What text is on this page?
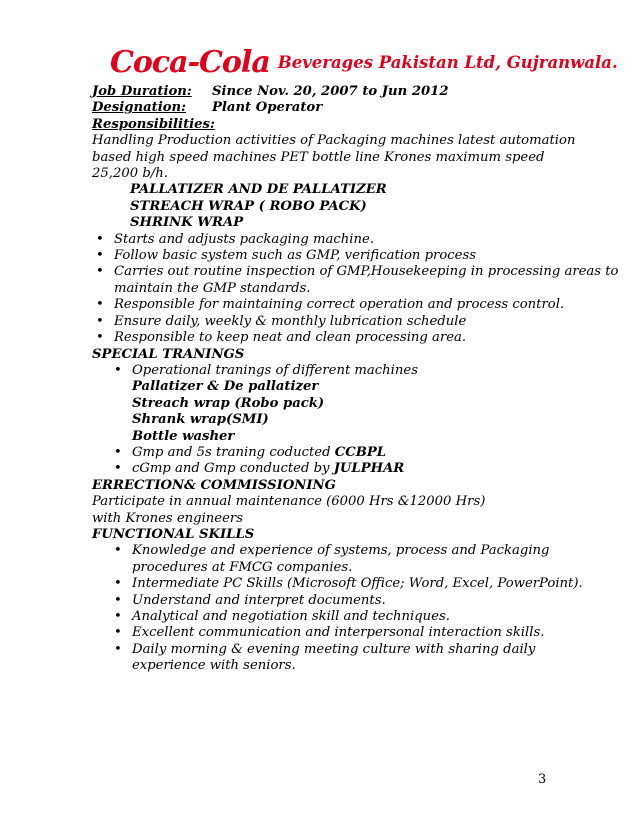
Coca-Cola Beverages Pakistan Ltd, Gujranwala.
Job Duration:	Since Nov. 20, 2007 to Jun 2012
Designation:	Plant Operator
Responsibilities:
Handling Production activities of Packaging machines latest automation
based high speed machines PET bottle line Krones maximum speed
25,200 b/h.
PALLATIZER AND DE PALLATIZER
STREACH WRAP ( ROBO PACK)
SHRINK WRAP
• Starts and adjusts packaging machine.
• Follow basic system such as GMP, verification process
• Carries out routine inspection of GMP,Housekeeping in processing areas to
maintain the GMP standards.
• Responsible for maintaining correct operation and process control.
• Ensure daily, weekly & monthly lubrication schedule
• Responsible to keep neat and clean processing area.
SPECIAL TRANINGS
• Operational tranings of different machines
Pallatizer & De pallatizer
Streach wrap (Robo pack)
Shrank wrap(SMI)
Bottle washer
• Gmp and 5s traning coducted CCBPL
• cGmp and Gmp conducted by JULPHAR
ERRECTION& COMMISSIONING
Participate in annual maintenance (6000 Hrs &12000 Hrs)
with Krones engineers
FUNCTIONAL SKILLS
• Knowledge and experience of systems, process and Packaging
procedures at FMCG companies.
• Intermediate PC Skills (Microsoft Office; Word, Excel, PowerPoint).
• Understand and interpret documents.
• Analytical and negotiation skill and techniques.
• Excellent communication and interpersonal interaction skills.
• Daily morning & evening meeting culture with sharing daily
experience with seniors.
3
